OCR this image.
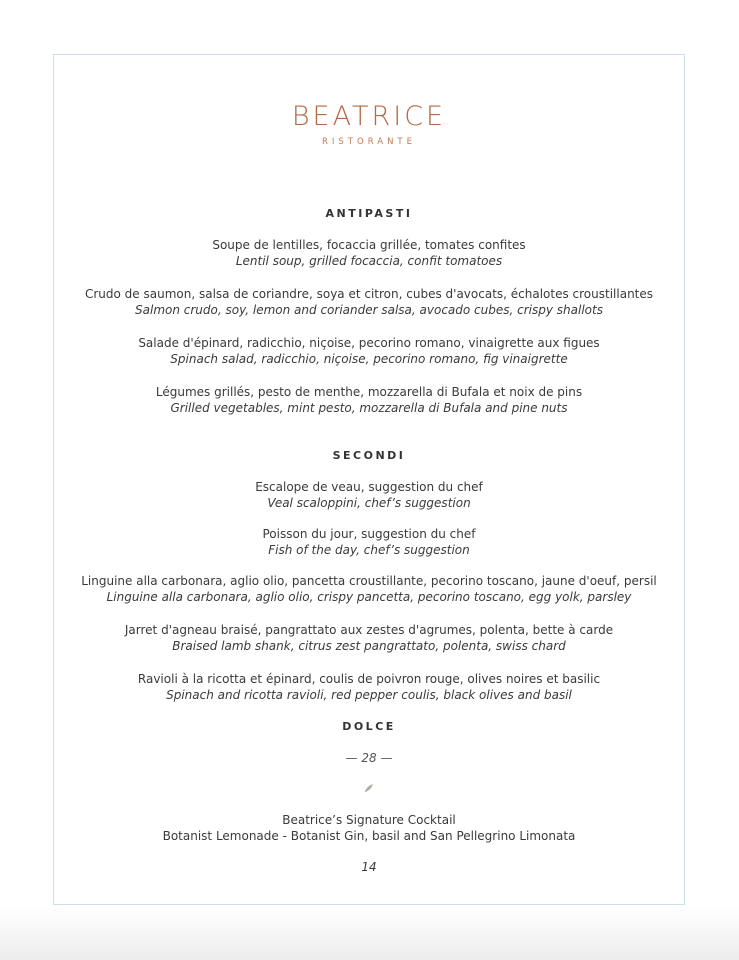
BEATRICE
RISTORANTE
ANTIPASTI
Soupe de lentilles, focaccia grillée, tomates confites
Lentil soup, grilled focaccia, confit tomatoes
Crudo de saumon, salsa de coriandre, soya et citron, cubes d'avocats, échalotes croustillantes
Salmon crudo, soy, lemon and coriander salsa, avocado cubes, crispy shallots
Salade d'épinard, radicchio, niçoise, pecorino romano, vinaigrette aux figues
Spinach salad, radicchio, niçoise, pecorino romano, fig vinaigrette
Légumes grillés, pesto de menthe, mozzarella di Bufala et noix de pins
Grilled vegetables, mint pesto, mozzarella di Bufala and pine nuts
SECONDI
Escalope de veau, suggestion du chef
Veal scaloppini, chef’s suggestion
Poisson du jour, suggestion du chef
Fish of the day, chef’s suggestion
Linguine alla carbonara, aglio olio, pancetta croustillante, pecorino toscano, jaune d'oeuf, persil
Linguine alla carbonara, aglio olio, crispy pancetta, pecorino toscano, egg yolk, parsley
Jarret d'agneau braisé, pangrattato aux zestes d'agrumes, polenta, bette à carde
Braised lamb shank, citrus zest pangrattato, polenta, swiss chard
Ravioli à la ricotta et épinard, coulis de poivron rouge, olives noires et basilic
Spinach and ricotta ravioli, red pepper coulis, black olives and basil
DOLCE
— 28 —
Beatrice’s Signature Cocktail
Botanist Lemonade - Botanist Gin, basil and San Pellegrino Limonata
14
